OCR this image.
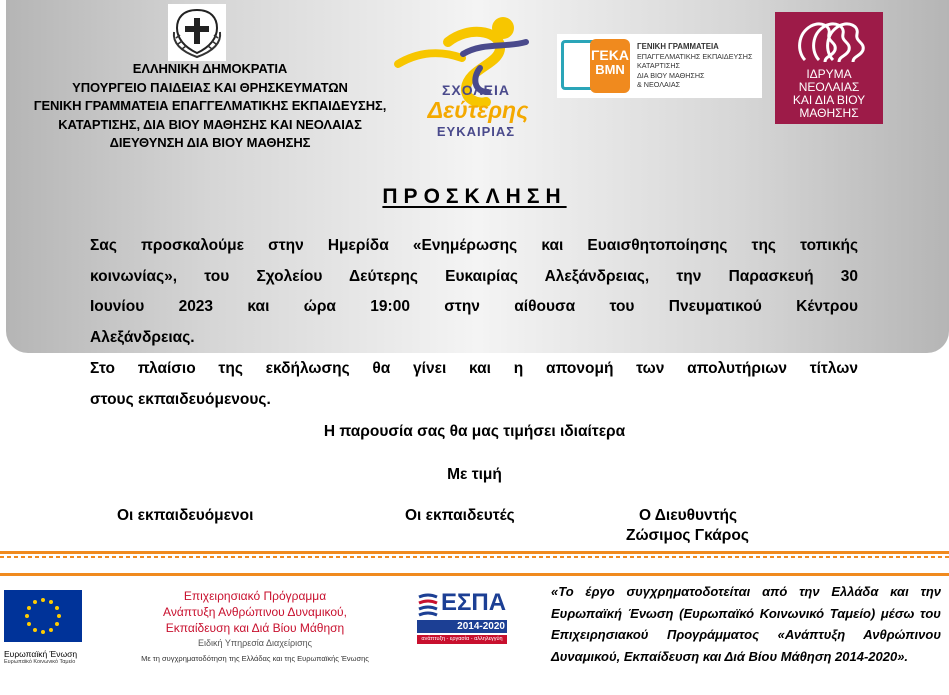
ΕΛΛΗΝΙΚΗ ΔΗΜΟΚΡΑΤΙΑ
ΥΠΟΥΡΓΕΙΟ ΠΑΙΔΕΙΑΣ ΚΑΙ ΘΡΗΣΚΕΥΜΑΤΩΝ
ΓΕΝΙΚΗ ΓΡΑΜΜΑΤΕΙΑ ΕΠΑΓΓΕΛΜΑΤΙΚΗΣ ΕΚΠΑΙΔΕΥΣΗΣ,
ΚΑΤΑΡΤΙΣΗΣ, ΔΙΑ ΒΙΟΥ ΜΑΘΗΣΗΣ ΚΑΙ ΝΕΟΛΑΙΑΣ
ΔΙΕΥΘΥΝΣΗ ΔΙΑ ΒΙΟΥ ΜΑΘΗΣΗΣ
ΣΧΟΛΕΙΑ
Δεύτερης
ΕΥΚΑΙΡΙΑΣ
ΓΕΚΑ
ΒΜΝ
ΓΕΝΙΚΗ ΓΡΑΜΜΑΤΕΙΑ
ΕΠΑΓΓΕΛΜΑΤΙΚΗΣ ΕΚΠΑΙΔΕΥΣΗΣ
ΚΑΤΑΡΤΙΣΗΣ
ΔΙΑ ΒΙΟΥ ΜΑΘΗΣΗΣ
& ΝΕΟΛΑΙΑΣ
ΙΔΡΥΜΑ
ΝΕΟΛΑΙΑΣ
ΚΑΙ ΔΙΑ ΒΙΟΥ
ΜΑΘΗΣΗΣ
ΠΡΟΣΚΛΗΣΗ
Σας προσκαλούμε στην Ημερίδα «Ενημέρωσης και Ευαισθητοποίησης της τοπικής
κοινωνίας», του Σχολείου Δεύτερης Ευκαιρίας Αλεξάνδρειας, την Παρασκευή 30
Ιουνίου 2023 και ώρα 19:00 στην αίθουσα του Πνευματικού Κέντρου
Αλεξάνδρειας.
Στο πλαίσιο της εκδήλωσης θα γίνει και η απονομή των απολυτήριων τίτλων
στους εκπαιδευόμενους.
Η παρουσία σας θα μας τιμήσει ιδιαίτερα
Με τιμή
Οι εκπαιδευόμενοι	Οι εκπαιδευτές	Ο Διευθυντής
Ζώσιμος Γκάρος
Ευρωπαϊκή Ένωση
Ευρωπαϊκό Κοινωνικό Ταμείο
Επιχειρησιακό Πρόγραμμα
Ανάπτυξη Ανθρώπινου Δυναμικού,
Εκπαίδευση και Διά Βίου Μάθηση
Ειδική Υπηρεσία Διαχείρισης
Με τη συγχρηματοδότηση της Ελλάδας και της Ευρωπαϊκής Ένωσης
ΕΣΠΑ
2014-2020
ανάπτυξη - εργασία - αλληλεγγύη
«Το έργο συγχρηματοδοτείται από την Ελλάδα και την Ευρωπαϊκή Ένωση (Ευρωπαϊκό Κοινωνικό Ταμείο) μέσω του Επιχειρησιακού Προγράμματος «Ανάπτυξη Ανθρώπινου Δυναμικού, Εκπαίδευση και Διά Βίου Μάθηση 2014-2020».
